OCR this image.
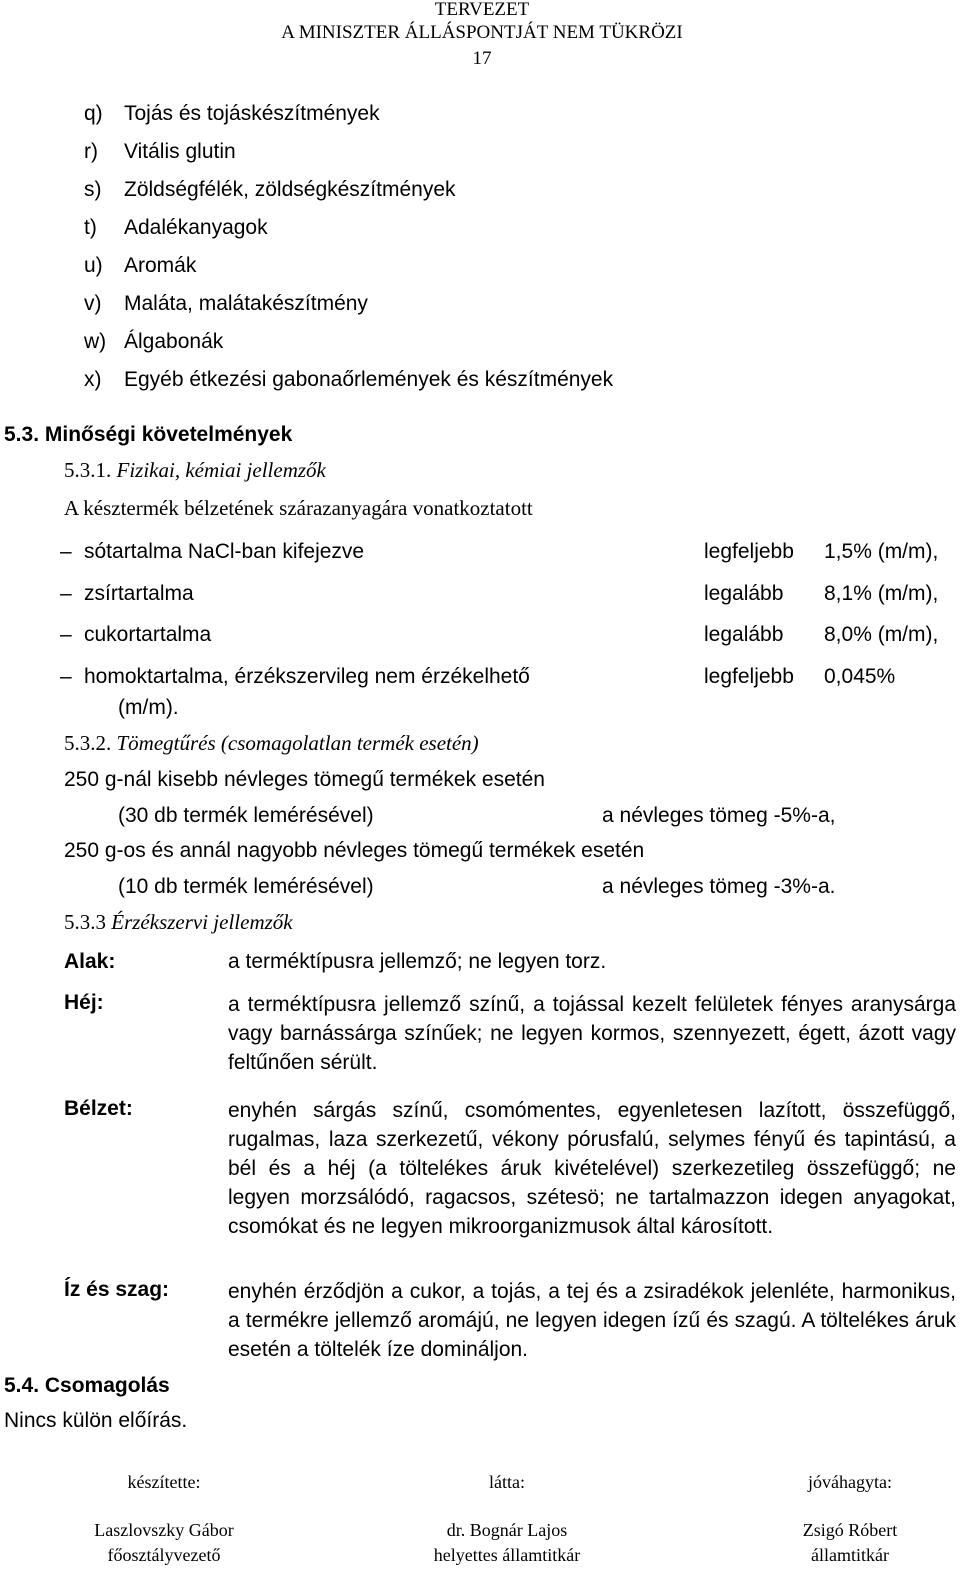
TERVEZET
A MINISZTER ÁLLÁSPONTJÁT NEM TÜKRÖZI
17
q) Tojás és tojáskészítmények
r) Vitális glutin
s) Zöldségfélék, zöldségkészítmények
t) Adalékanyagok
u) Aromák
v) Maláta, malátakészítmény
w) Álgabonák
x) Egyéb étkezési gabonaőrlemények és készítmények
5.3. Minőségi követelmények
5.3.1. Fizikai, kémiai jellemzők
A késztermék bélzetének szárazanyagára vonatkoztatott
– sótartalma NaCl-ban kifejezve	legfeljebb 1,5% (m/m),
– zsírtartalma	legalább 8,1% (m/m),
– cukortartalma	legalább 8,0% (m/m),
– homoktartalma, érzékszervileg nem érzékelhető	legfeljebb 0,045%
(m/m).
5.3.2. Tömegtűrés (csomagolatlan termék esetén)
250 g-nál kisebb névleges tömegű termékek esetén
(30 db termék lemérésével)	a névleges tömeg -5%-a,
250 g-os és annál nagyobb névleges tömegű termékek esetén
(10 db termék lemérésével)	a névleges tömeg -3%-a.
5.3.3 Érzékszervi jellemzők
Alak:	a terméktípusra jellemző; ne legyen torz.
Héj:	a terméktípusra jellemző színű, a tojással kezelt felületek fényes aranysárga vagy barnássárga színűek; ne legyen kormos, szennyezett, égett, ázott vagy feltűnően sérült.
Bélzet:	enyhén sárgás színű, csomómentes, egyenletesen lazított, összefüggő, rugalmas, laza szerkezetű, vékony pórusfalú, selymes fényű és tapintású, a bél és a héj (a töltelékes áruk kivételével) szerkezetileg összefüggő; ne legyen morzsálódó, ragacsos, szétesö; ne tartalmazzon idegen anyagokat, csomókat és ne legyen mikroorganizmusok által károsított.
Íz és szag:	enyhén érződjön a cukor, a tojás, a tej és a zsiradékok jelenléte, harmonikus, a termékre jellemző aromájú, ne legyen idegen ízű és szagú. A töltelékes áruk esetén a töltelék íze domináljon.
5.4. Csomagolás
Nincs külön előírás.
készítette:
Laszlovszky Gábor
főosztályvezető
látta:
dr. Bognár Lajos
helyettes államtitkár
jóváhagyta:
Zsigó Róbert
államtitkár
